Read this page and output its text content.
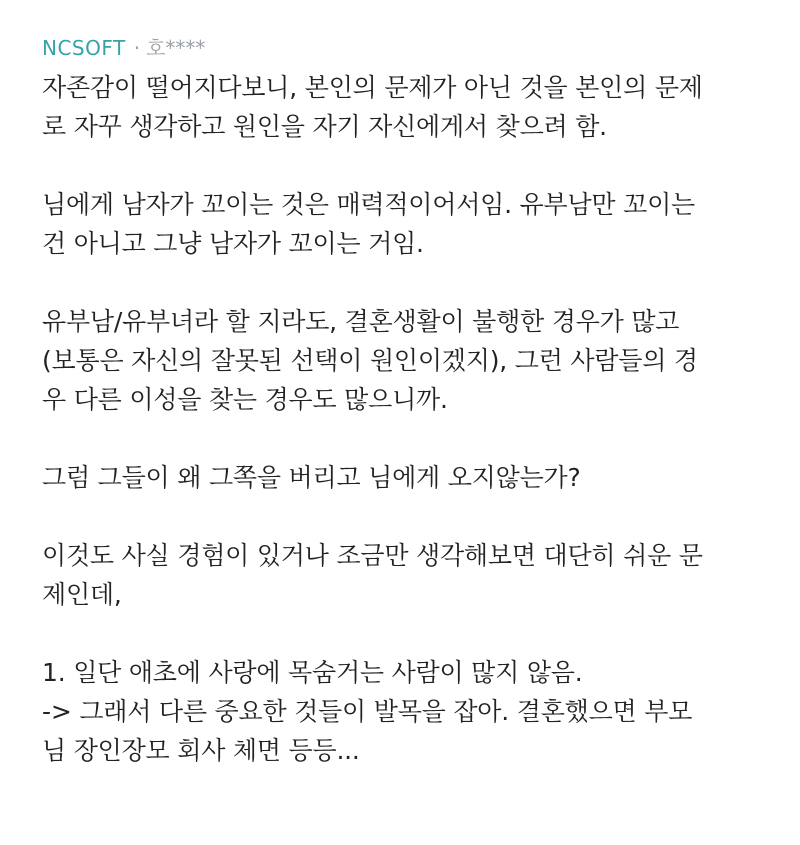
NCSOFT · 호****
자존감이 떨어지다보니, 본인의 문제가 아닌 것을 본인의 문제
로 자꾸 생각하고 원인을 자기 자신에게서 찾으려 함.
님에게 남자가 꼬이는 것은 매력적이어서임. 유부남만 꼬이는
건 아니고 그냥 남자가 꼬이는 거임.
유부남/유부녀라 할 지라도, 결혼생활이 불행한 경우가 많고
(보통은 자신의 잘못된 선택이 원인이겠지), 그런 사람들의 경
우 다른 이성을 찾는 경우도 많으니까.
그럼 그들이 왜 그쪽을 버리고 님에게 오지않는가?
이것도 사실 경험이 있거나 조금만 생각해보면 대단히 쉬운 문
제인데,
1. 일단 애초에 사랑에 목숨거는 사람이 많지 않음.
-> 그래서 다른 중요한 것들이 발목을 잡아. 결혼했으면 부모
님 장인장모 회사 체면 등등...
